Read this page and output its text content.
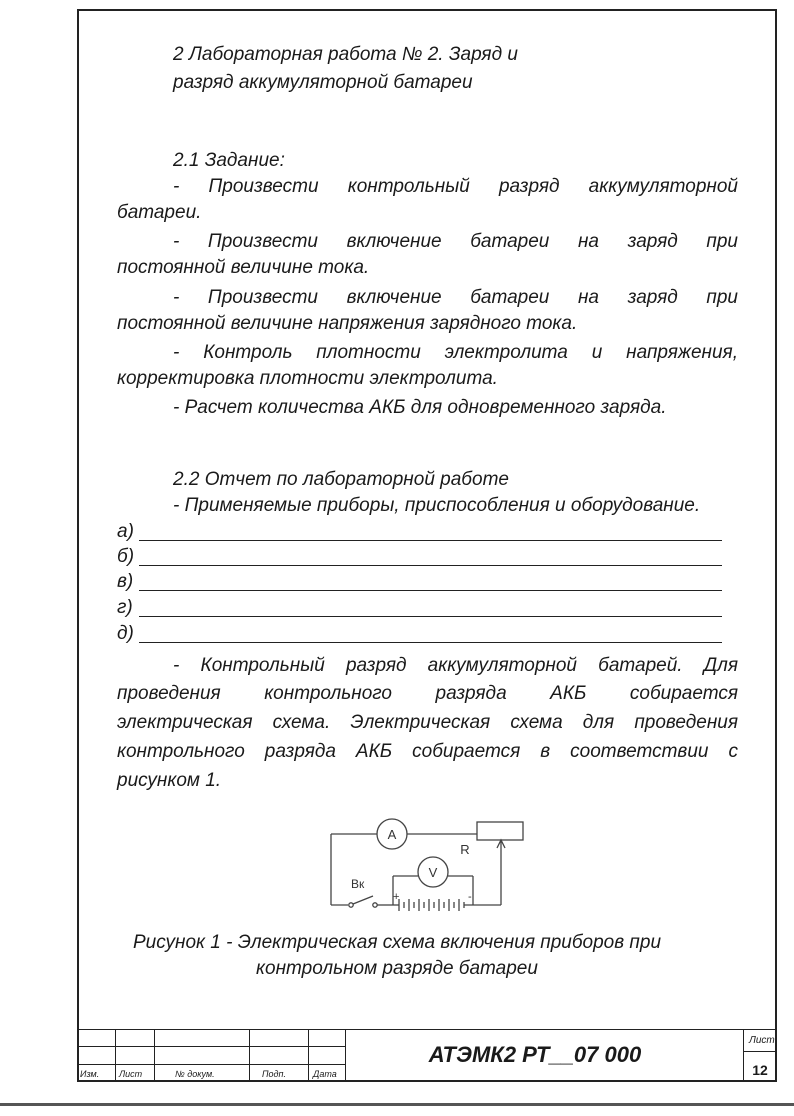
2 Лабораторная работа № 2. Заряд и
разряд аккумуляторной батареи
2.1 Задание:
- Произвести контрольный разряд аккумуляторной
батареи.
- Произвести включение батареи на заряд при
постоянной величине тока.
- Произвести включение батареи на заряд при
постоянной величине напряжения зарядного тока.
- Контроль плотности электролита и напряжения,
корректировка плотности электролита.
- Расчет количества АКБ для одновременного заряда.
2.2 Отчет по лабораторной работе
- Применяемые приборы, приспособления и оборудование.
а)
б)
в)
г)
д)
- Контрольный разряд аккумуляторной батарей. Для
проведения контрольного разряда АКБ собирается
электрическая схема. Электрическая схема для проведения
контрольного разряда АКБ собирается в соответствии с
рисунком 1.
A
V
R
Вк
+	-
Рисунок 1 - Электрическая схема включения приборов при
контрольном разряде батареи
Изм. Лист	№ докум.	Подп.	Дата
АТЭМК2 РТ__07 000
Лист
12
